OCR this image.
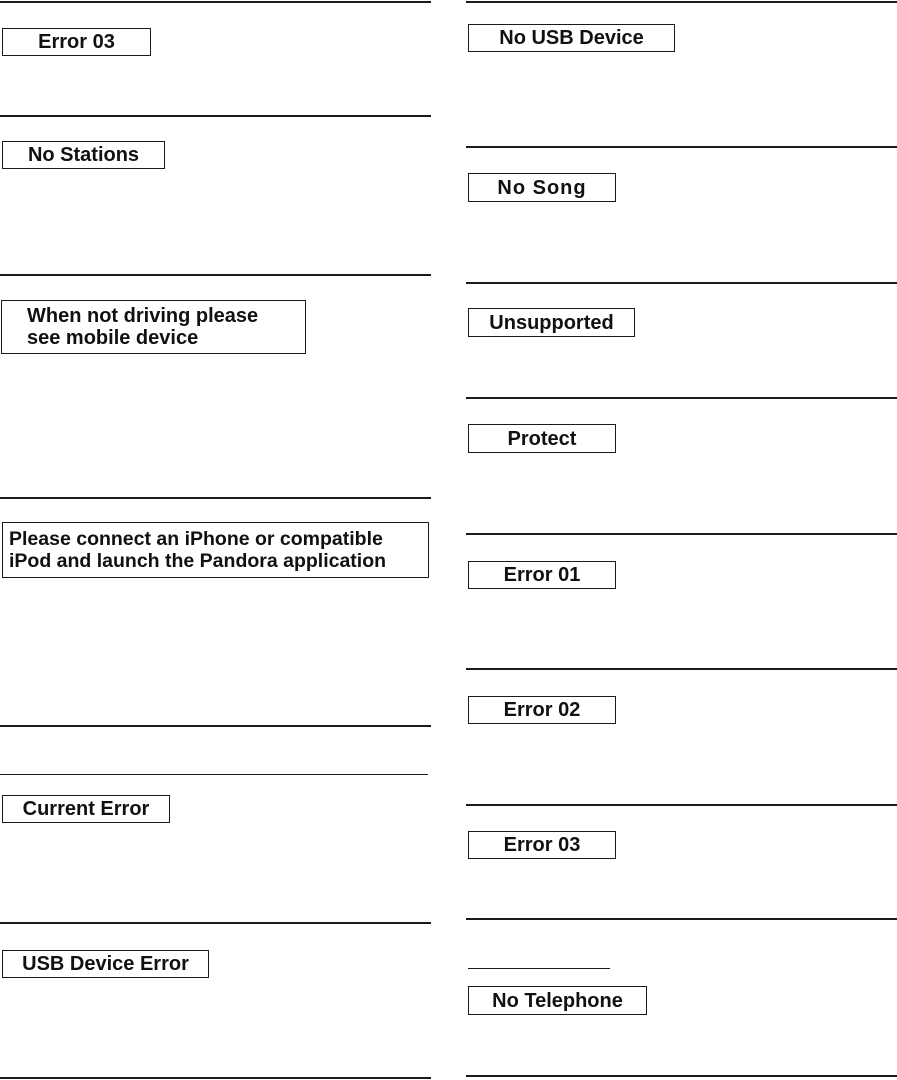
Error 03
No Stations
When not driving please
see mobile device
Please connect an iPhone or compatible
iPod and launch the Pandora application
Current Error
USB Device Error
No USB Device
No Song
Unsupported
Protect
Error 01
Error 02
Error 03
No Telephone
